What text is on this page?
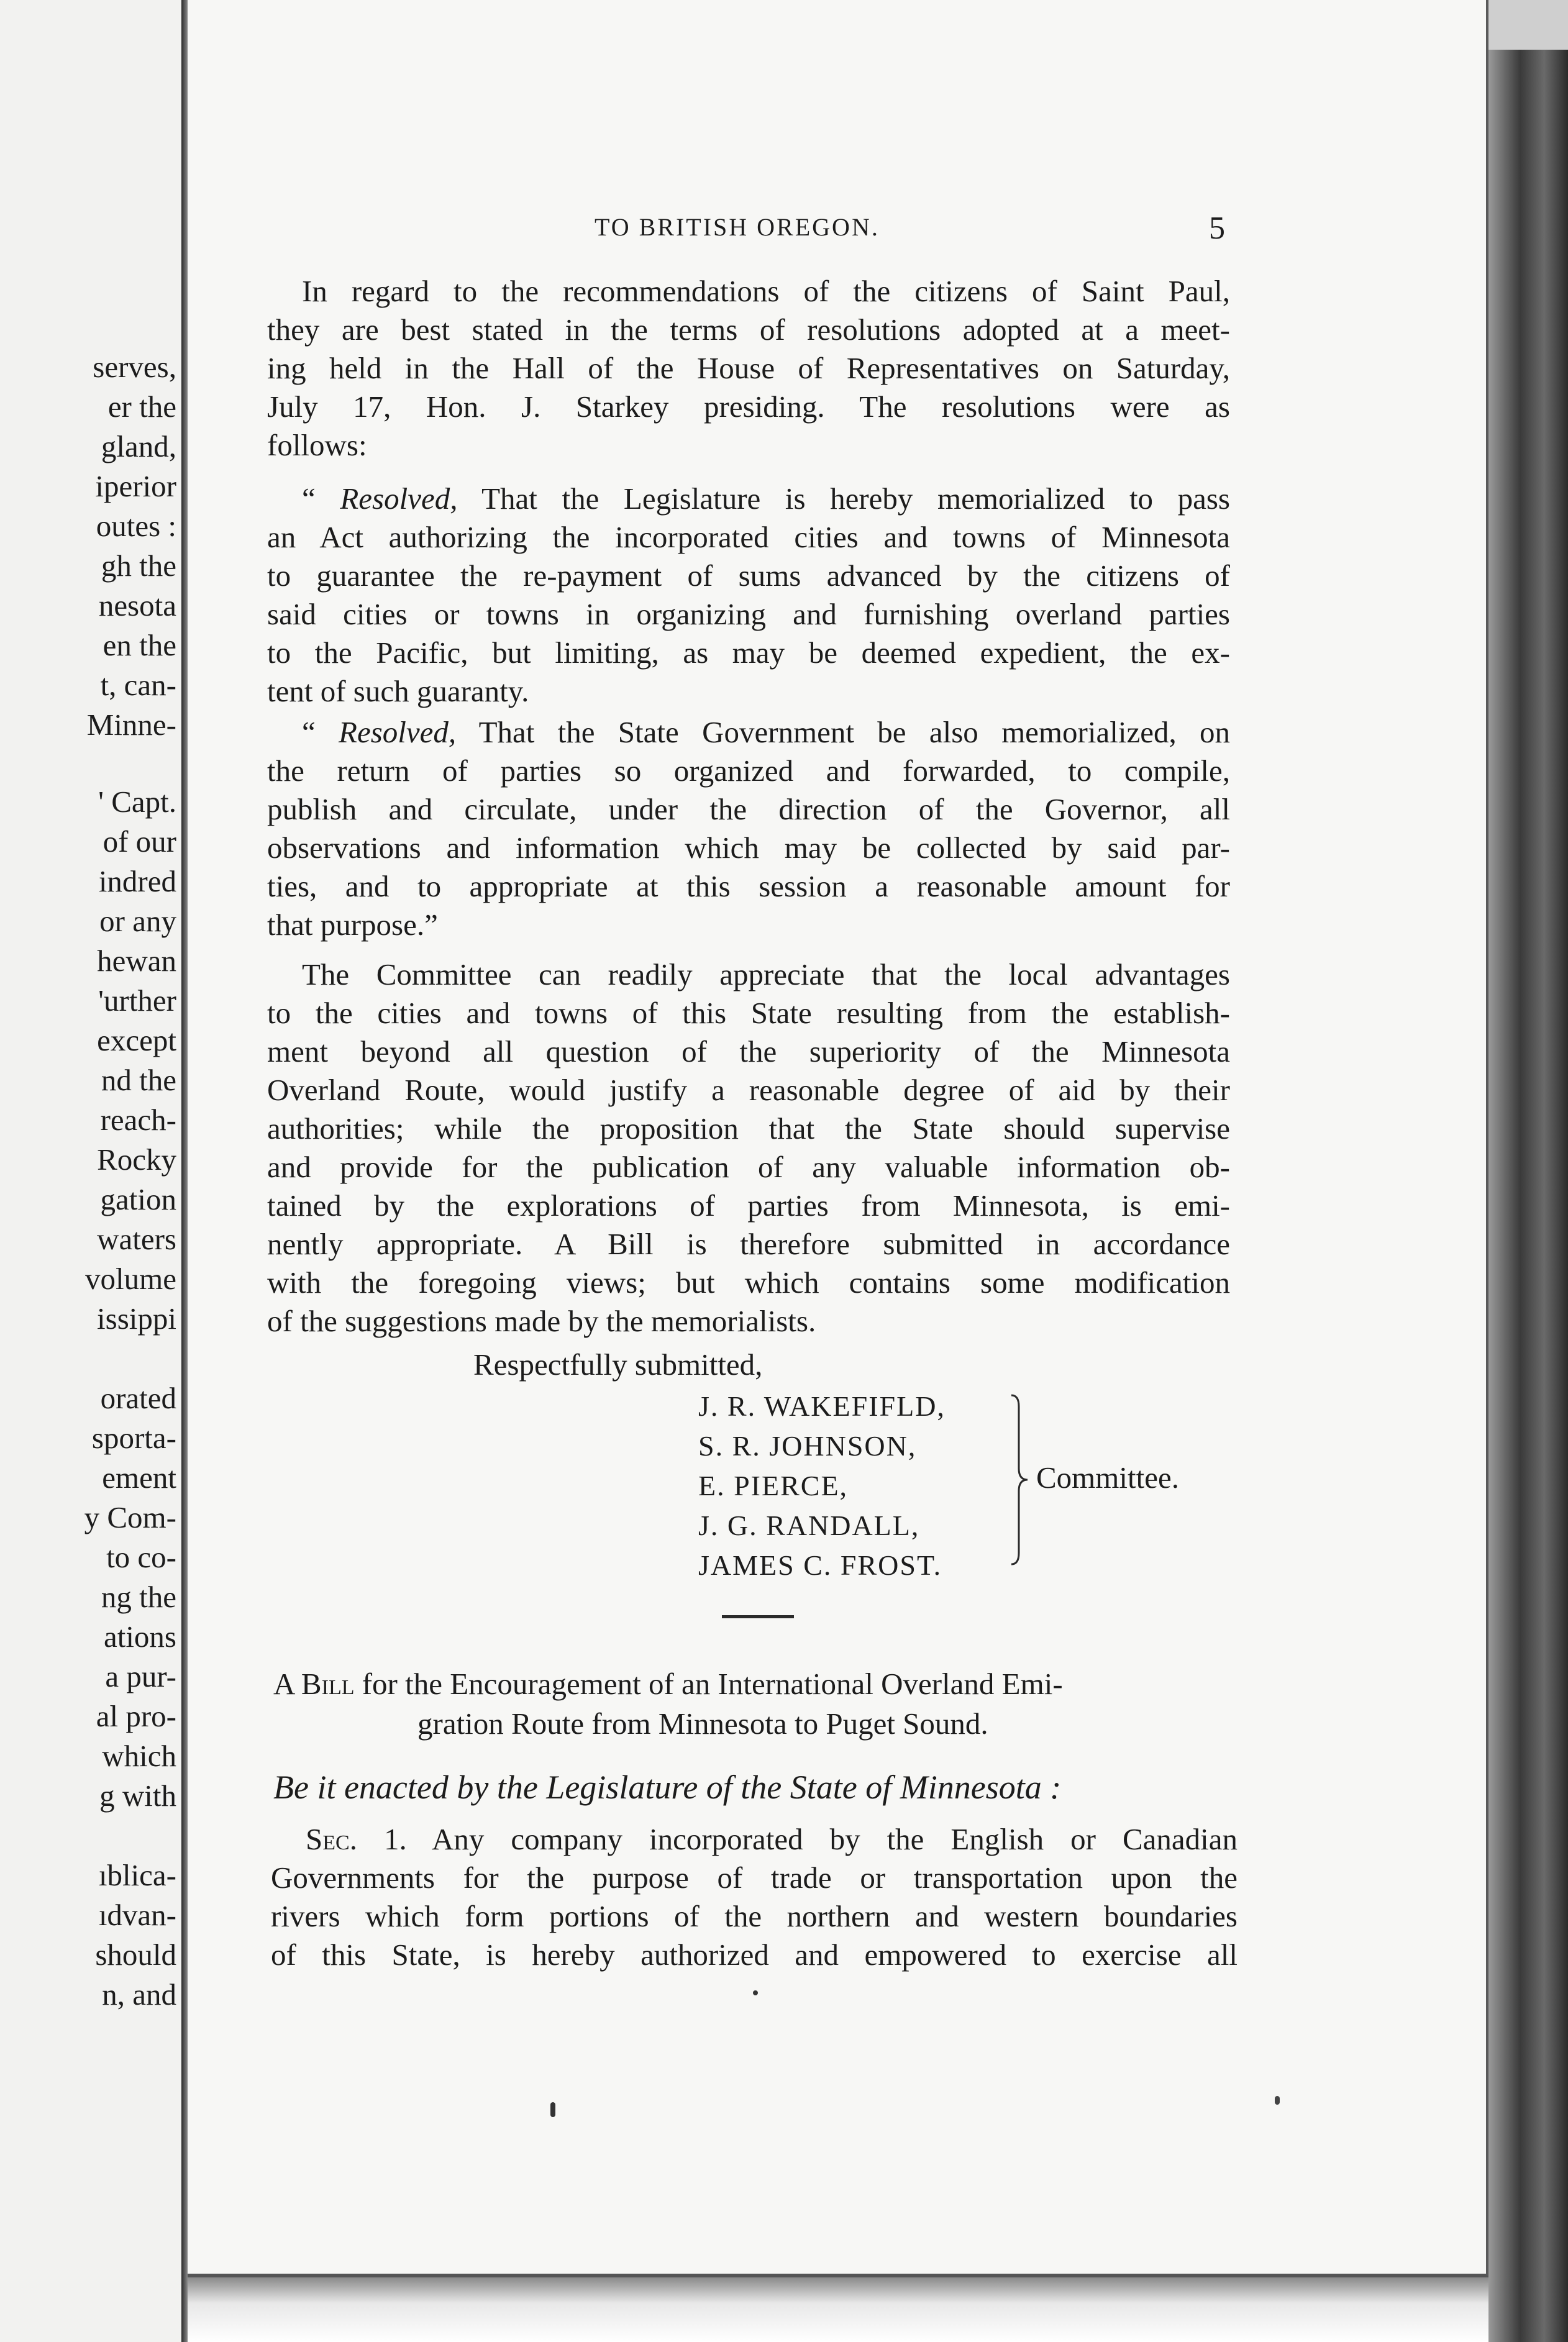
serves,
er the
gland,
iperior
outes :
gh the
nesota
en the
t, can-
Minne-
' Capt.
of our
indred
or any
hewan
'urther
except
nd the
reach-
Rocky
gation
waters
volume
issippi
orated
sporta-
ement
y Com-
to co-
ng the
ations
a pur-
al pro-
which
g with
ıblica-
ıdvan-
should
n, and
TO BRITISH OREGON.	5
In regard to the recommendations of the citizens of Saint Paul,
they are best stated in the terms of resolutions adopted at a meet-
ing held in the Hall of the House of Representatives on Saturday,
July 17, Hon. J. Starkey presiding. The resolutions were as
follows:
“ Resolved, That the Legislature is hereby memorialized to pass
an Act authorizing the incorporated cities and towns of Minnesota
to guarantee the re-payment of sums advanced by the citizens of
said cities or towns in organizing and furnishing overland parties
to the Pacific, but limiting, as may be deemed expedient, the ex-
tent of such guaranty.
“ Resolved, That the State Government be also memorialized, on
the return of parties so organized and forwarded, to compile,
publish and circulate, under the direction of the Governor, all
observations and information which may be collected by said par-
ties, and to appropriate at this session a reasonable amount for
that purpose.”
The Committee can readily appreciate that the local advantages
to the cities and towns of this State resulting from the establish-
ment beyond all question of the superiority of the Minnesota
Overland Route, would justify a reasonable degree of aid by their
authorities; while the proposition that the State should supervise
and provide for the publication of any valuable information ob-
tained by the explorations of parties from Minnesota, is emi-
nently appropriate. A Bill is therefore submitted in accordance
with the foregoing views; but which contains some modification
of the suggestions made by the memorialists.
Respectfully submitted,
J. R. WAKEFIFLD,
S. R. JOHNSON,
E. PIERCE,
J. G. RANDALL,
JAMES C. FROST.
Committee.
A Bill for the Encouragement of an International Overland Emi-
gration Route from Minnesota to Puget Sound.
Be it enacted by the Legislature of the State of Minnesota :
Sec. 1. Any company incorporated by the English or Canadian
Governments for the purpose of trade or transportation upon the
rivers which form portions of the northern and western boundaries
of this State, is hereby authorized and empowered to exercise all
